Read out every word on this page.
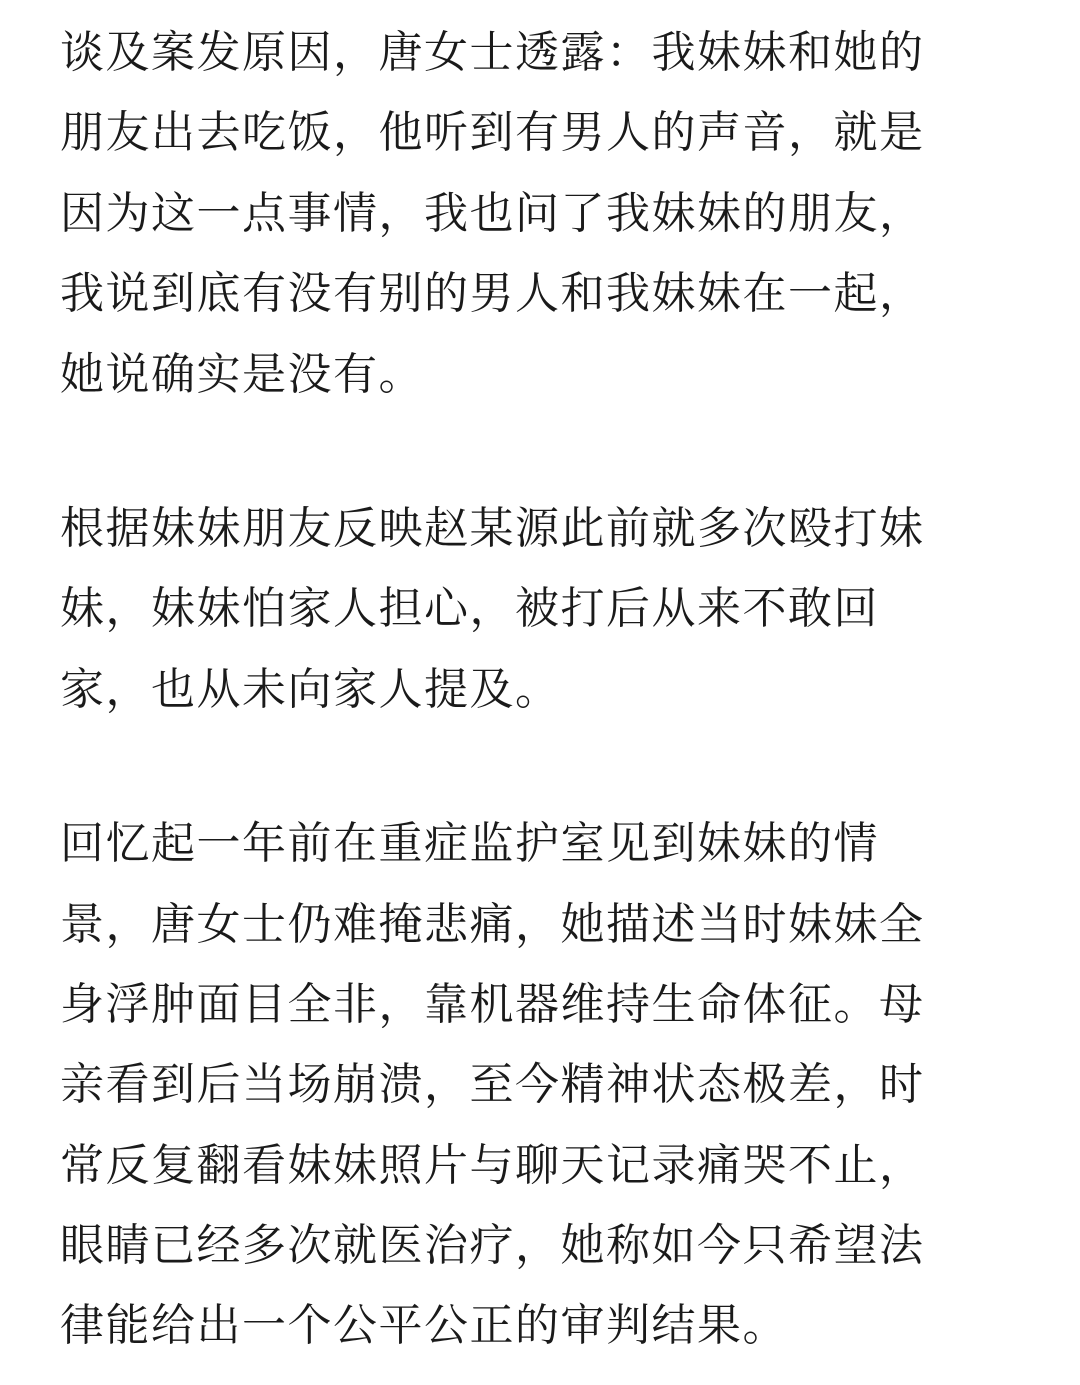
谈及案发原因，唐女士透露：我妹妹和她的
朋友出去吃饭，他听到有男人的声音，就是
因为这一点事情，我也问了我妹妹的朋友，
我说到底有没有别的男人和我妹妹在一起，
她说确实是没有。

根据妹妹朋友反映赵某源此前就多次殴打妹
妹，妹妹怕家人担心，被打后从来不敢回
家，也从未向家人提及。

回忆起一年前在重症监护室见到妹妹的情
景，唐女士仍难掩悲痛，她描述当时妹妹全
身浮肿面目全非，靠机器维持生命体征。母
亲看到后当场崩溃，至今精神状态极差，时
常反复翻看妹妹照片与聊天记录痛哭不止，
眼睛已经多次就医治疗，她称如今只希望法
律能给出一个公平公正的审判结果。
